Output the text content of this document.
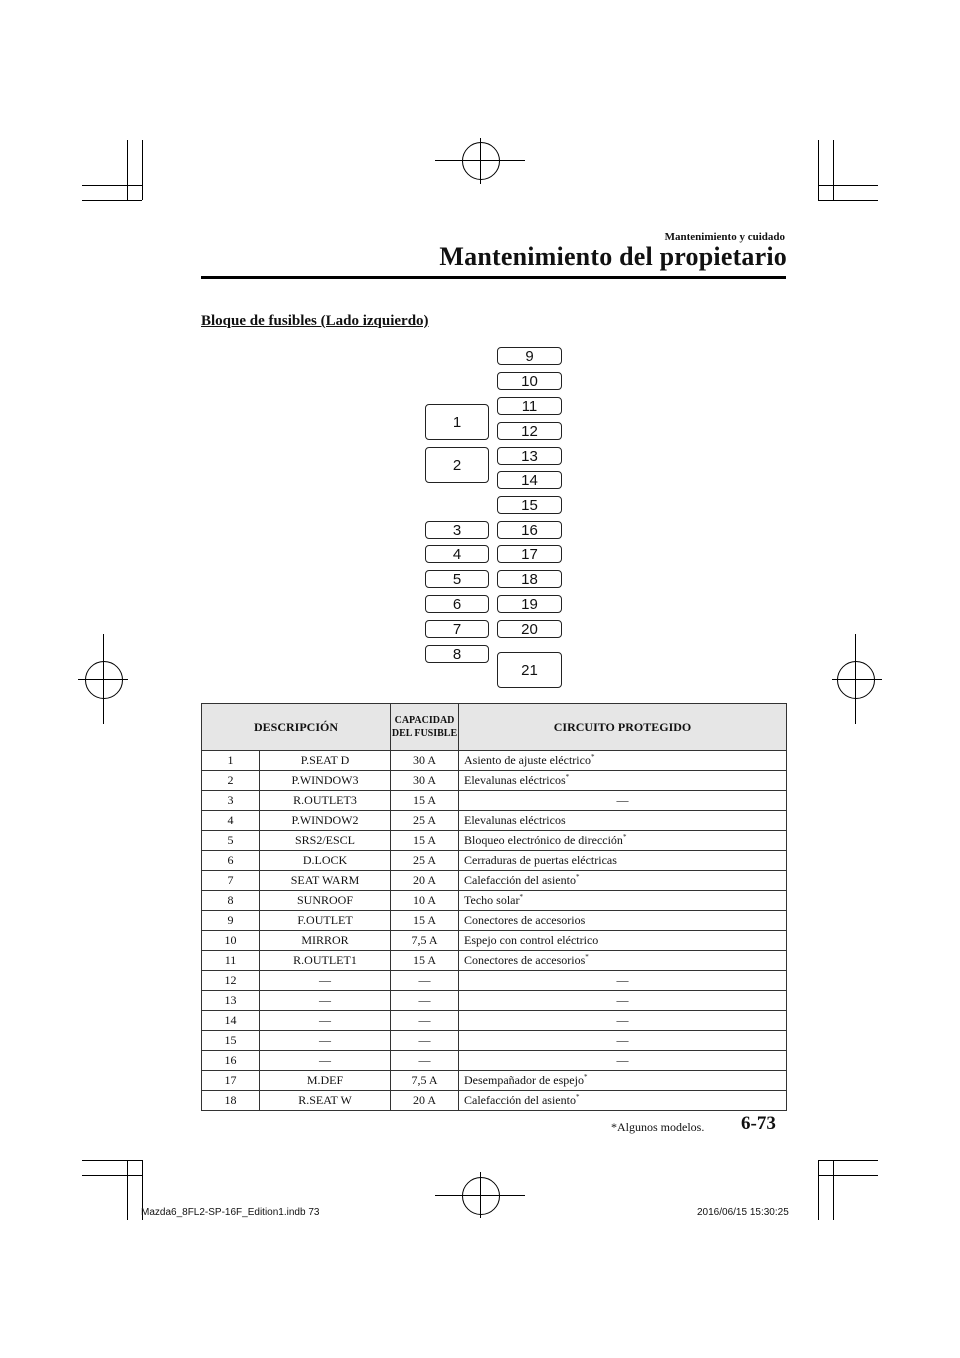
Mantenimiento y cuidado
Mantenimiento del propietario
Bloque de fusibles (Lado izquierdo)
1
2
3
4
5
6
7
8
9
10
11
12
13
14
15
16
17
18
19
20
21
DESCRIPCIÓN		CAPACIDAD DEL FUSIBLE	CIRCUITO PROTEGIDO
1	P.SEAT D	30 A	Asiento de ajuste eléctrico*
2	P.WINDOW3	30 A	Elevalunas eléctricos*
3	R.OUTLET3	15 A	—
4	P.WINDOW2	25 A	Elevalunas eléctricos
5	SRS2/ESCL	15 A	Bloqueo electrónico de dirección*
6	D.LOCK	25 A	Cerraduras de puertas eléctricas
7	SEAT WARM	20 A	Calefacción del asiento*
8	SUNROOF	10 A	Techo solar*
9	F.OUTLET	15 A	Conectores de accesorios
10	MIRROR	7,5 A	Espejo con control eléctrico
11	R.OUTLET1	15 A	Conectores de accesorios*
12	—	—	—
13	—	—	—
14	—	—	—
15	—	—	—
16	—	—	—
17	M.DEF	7,5 A	Desempañador de espejo*
18	R.SEAT W	20 A	Calefacción del asiento*
*Algunos modelos. 6-73
Mazda6_8FL2-SP-16F_Edition1.indb 73	2016/06/15 15:30:25
